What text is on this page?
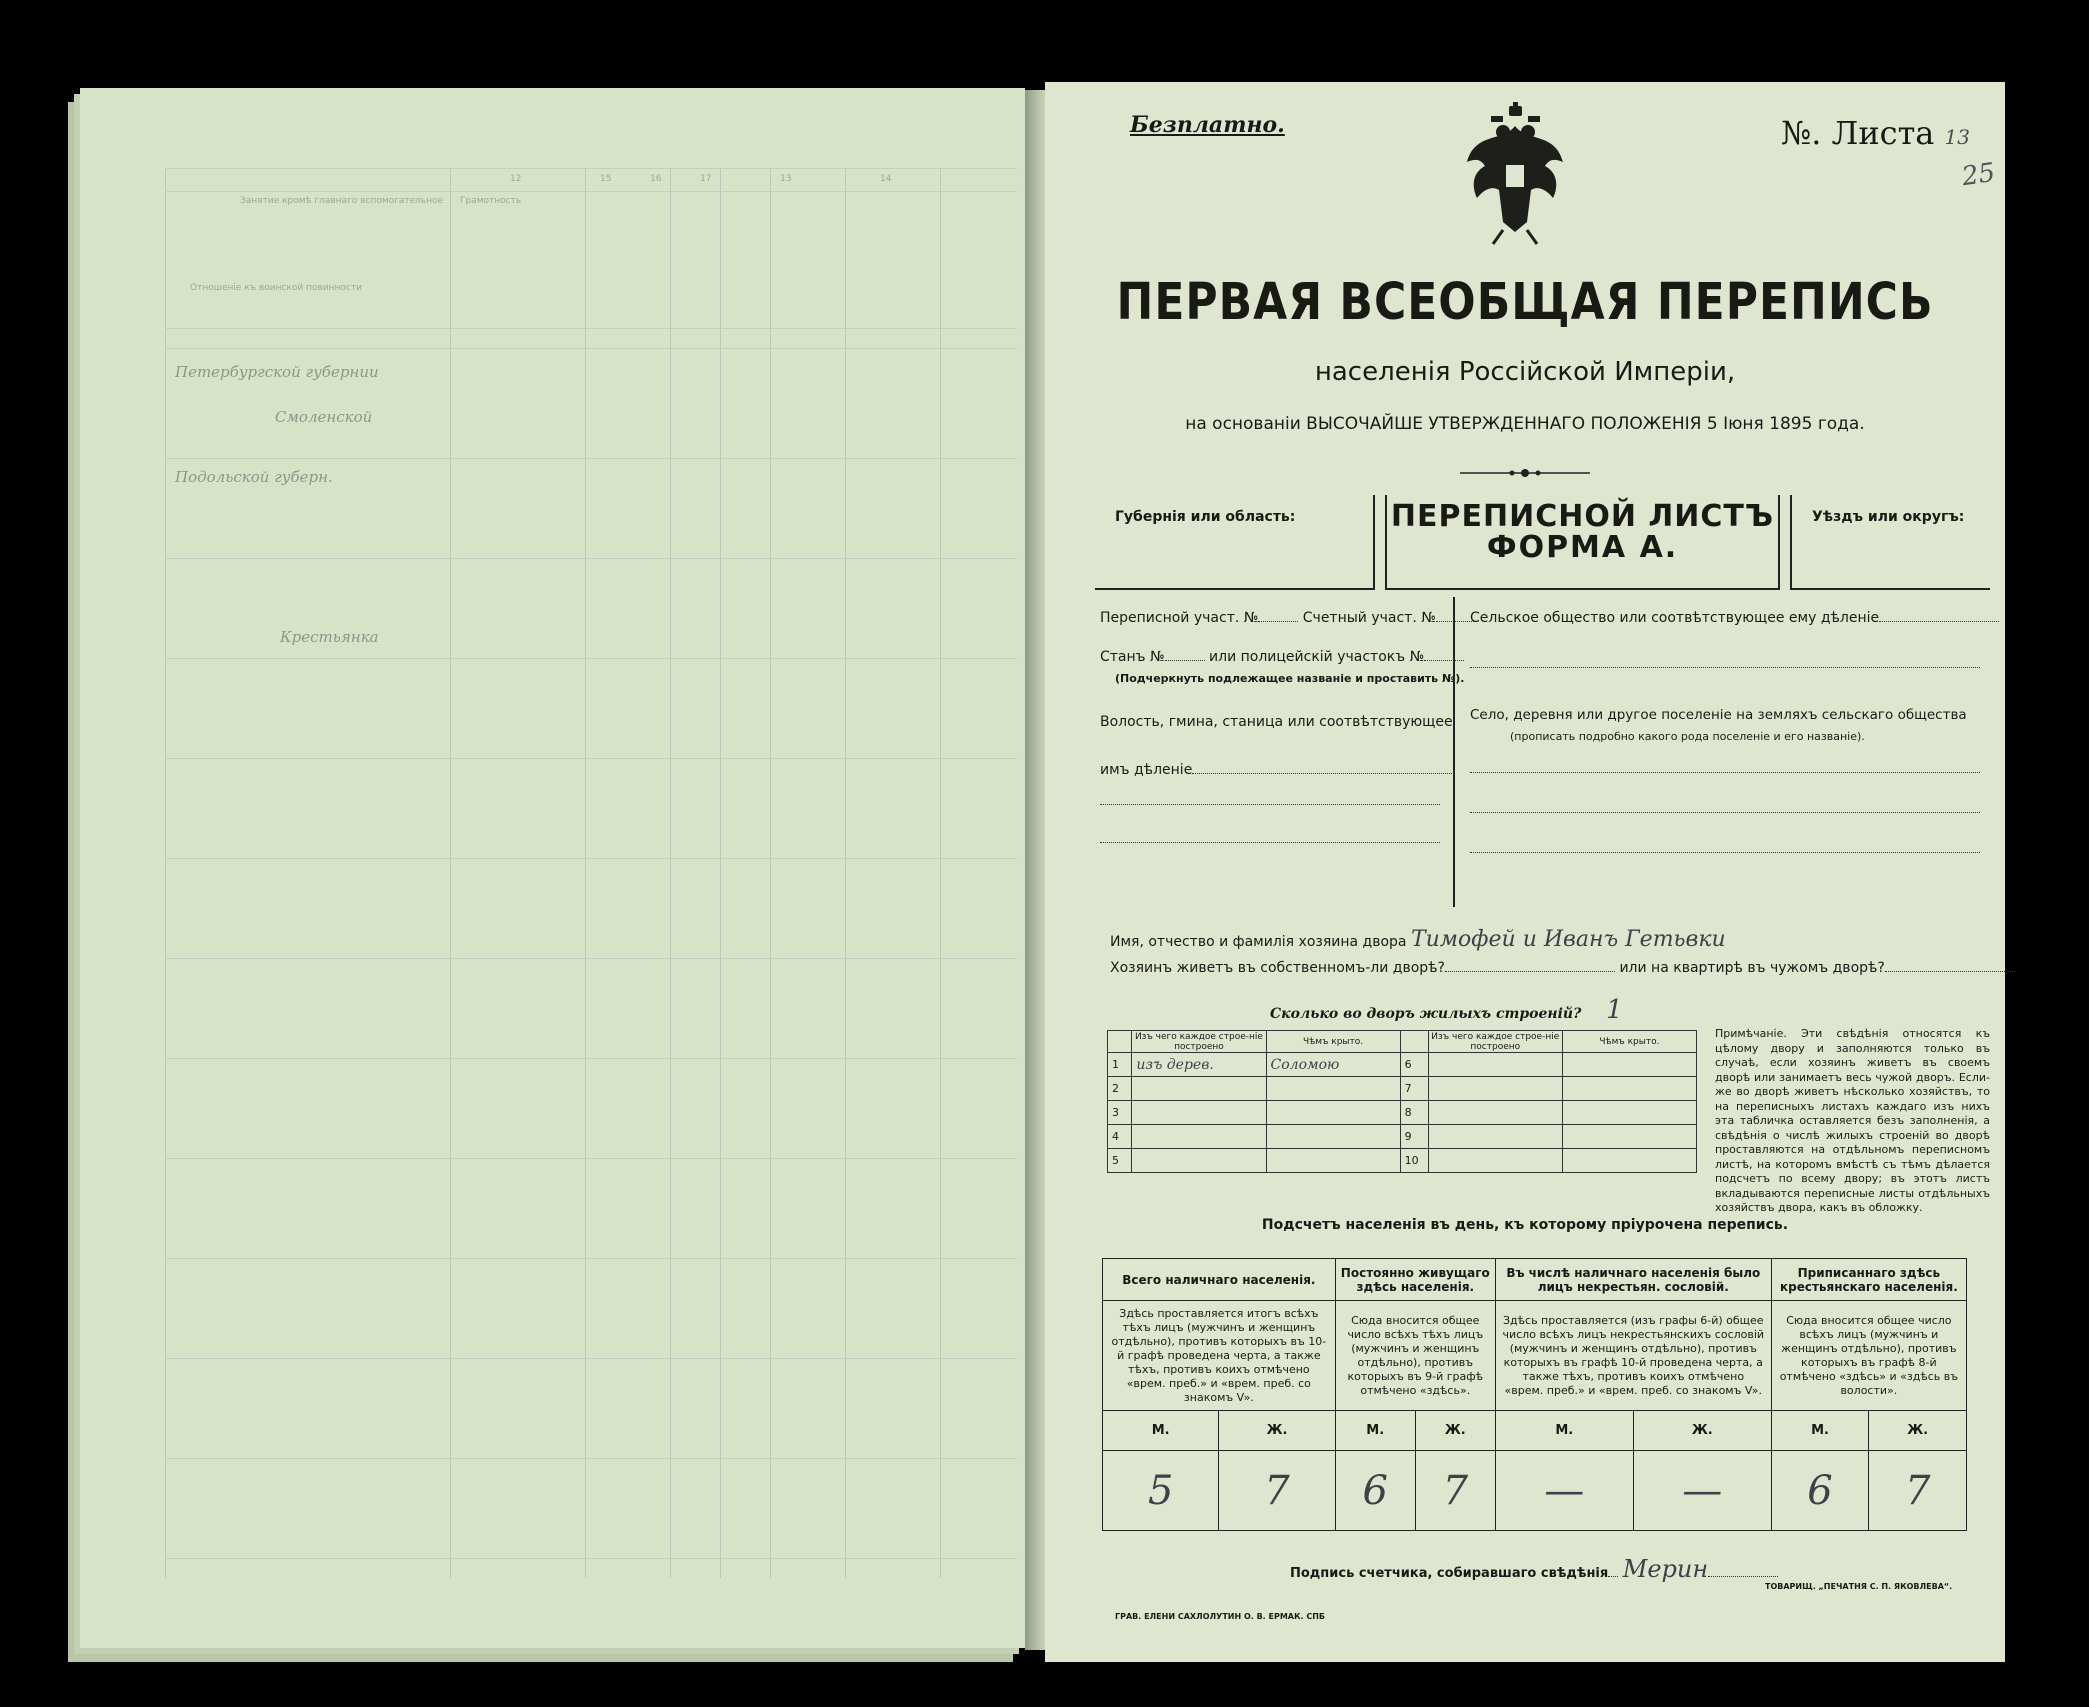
17
16
15	14
13
12
Занятие кромѣ главнаго вспомогательное Грамотность
Отношеніе къ воинской повинности
Петербургской губернии
Подольской губерн.
Смоленской
Крестьянка
Безплатно.	№. Листа 13
25
ПЕРВАЯ ВСЕОБЩАЯ ПЕРЕПИСЬ
населенія Россійской Имперіи,
на основаніи ВЫСОЧАЙШЕ УТВЕРЖДЕННАГО ПОЛОЖЕНІЯ 5 Іюня 1895 года.
Губернія или область:	ПЕРЕПИСНОЙ ЛИСТЪ
ФОРМА А.
Уѣздъ или округъ:
Переписной участ. №	Счетный участ. №
Станъ №	или полицейскій участокъ №
(Подчеркнуть подлежащее названіе и проставить №).
Волость, гмина, станица или соотвѣтствующее
имъ дѣленіе
Сельское общество или соотвѣтствующее ему дѣленіе
Село, деревня или другое поселеніе на земляхъ сельскаго общества
(прописать подробно какого рода поселеніе и его названіе).
Имя, отчество и фамилія хозяина двора Тимофей и Иванъ Гетьвки
Хозяинъ живетъ въ собственномъ-ли дворѣ?	или на квартирѣ въ чужомъ дворѣ?
Сколько во дворъ жилыхъ строеній? 1
	Изъ чего каждое строе-ніе построено	Чѣмъ крыто.		Изъ чего каждое строе-ніе построено	Чѣмъ крыто.
1	изъ дерев.	Соломою	6		
2			7		
3			8		
4			9		
5			10		
Примѣчаніе. Эти свѣдѣнія относятся къ цѣлому двору и заполняются только въ случаѣ, если хозяинъ живетъ въ своемъ дворѣ или занимаетъ весь чужой дворъ. Если-же во дворѣ живетъ нѣсколько хозяйствъ, то на переписныхъ листахъ каждаго изъ нихъ эта табличка оставляется безъ заполненія, а свѣдѣнія о числѣ жилыхъ строеній во дворѣ проставляются на отдѣльномъ переписномъ листѣ, на которомъ вмѣстѣ съ тѣмъ дѣлается подсчетъ по всему двору; въ этотъ листъ вкладываются переписные листы отдѣльныхъ хозяйствъ двора, какъ въ обложку.
Подсчетъ населенія въ день, къ которому пріурочена перепись.
Всего наличнаго населенія.		Постоянно живущаго здѣсь населенія.		Въ числѣ наличнаго населенія было лицъ некрестьян. сословій.		Приписаннаго здѣсь крестьянскаго населенія.	
Здѣсь проставляется итогъ всѣхъ тѣхъ лицъ (мужчинъ и женщинъ отдѣльно), противъ которыхъ въ 10-й графѣ проведена черта, а также тѣхъ, противъ коихъ отмѣчено «врем. преб.» и «врем. преб. со знакомъ V».		Сюда вносится общее число всѣхъ тѣхъ лицъ (мужчинъ и женщинъ отдѣльно), противъ которыхъ въ 9-й графѣ отмѣчено «здѣсь».		Здѣсь проставляется (изъ графы 6-й) общее число всѣхъ лицъ некрестьянскихъ сословій (мужчинъ и женщинъ отдѣльно), противъ которыхъ въ графѣ 10-й проведена черта, а также тѣхъ, противъ коихъ отмѣчено «врем. преб.» и «врем. преб. со знакомъ V».		Сюда вносится общее число всѣхъ лицъ (мужчинъ и женщинъ отдѣльно), противъ которыхъ въ графѣ 8-й отмѣчено «здѣсь» и «здѣсь въ волости».	
М.	Ж.	М.	Ж.	М.	Ж.	М.	Ж.
5	7	6	7	—	—	6	7
Подпись счетчика, собиравшаго свѣдѣнія Мерин
ГРАВ. ЕЛЕНИ САХЛОЛУТИН О. В. ЕРМАК. СПБ
ТОВАРИЩ. „ПЕЧАТНЯ С. П. ЯКОВЛЕВА“.
